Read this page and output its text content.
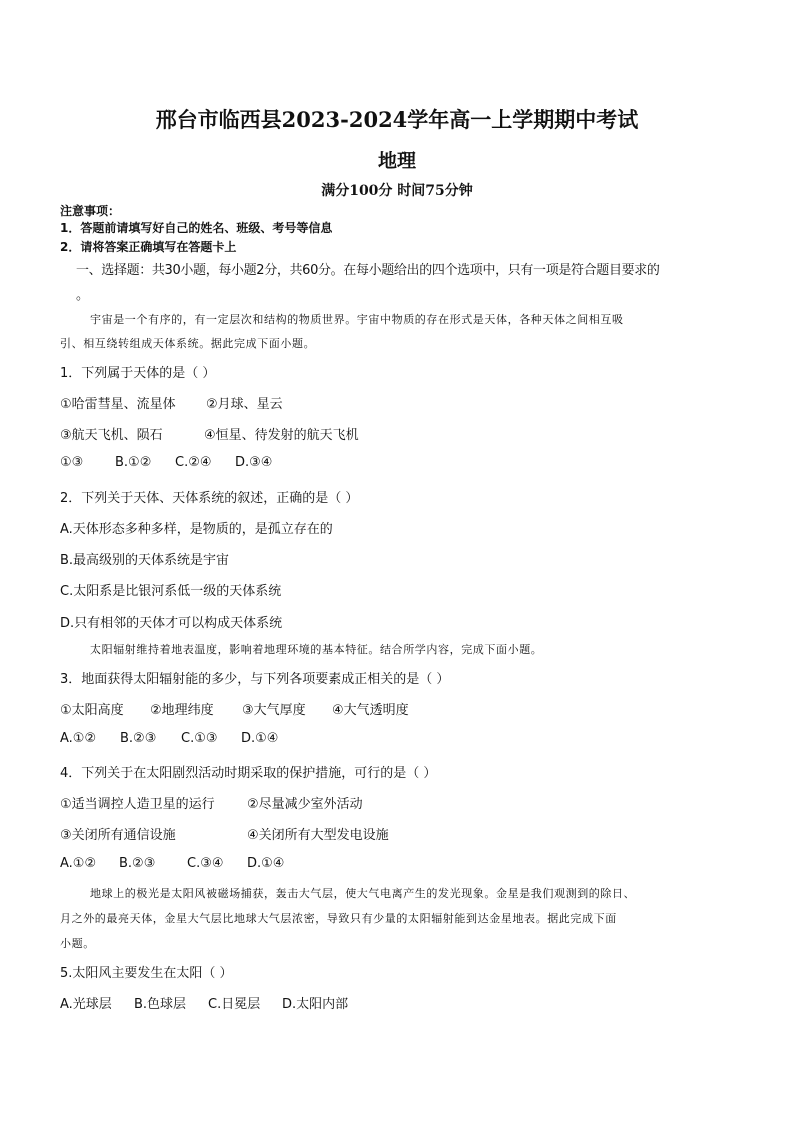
邢台市临西县2023-2024学年高一上学期期中考试
地理
满分100分 时间75分钟
注意事项：
1．答题前请填写好自己的姓名、班级、考号等信息
2．请将答案正确填写在答题卡上
一、选择题：共30小题，每小题2分，共60分。在每小题给出的四个选项中，只有一项是符合题目要求的
。
宇宙是一个有序的，有一定层次和结构的物质世界。宇宙中物质的存在形式是天体，各种天体之间相互吸
引、相互绕转组成天体系统。据此完成下面小题。
1．下列属于天体的是（ ）
①哈雷彗星、流星体 ②月球、星云
③航天飞机、陨石	④恒星、待发射的航天飞机
①③ B.①② C.②④ D.③④
2．下列关于天体、天体系统的叙述，正确的是（ ）
A.天体形态多种多样，是物质的，是孤立存在的
B.最高级别的天体系统是宇宙
C.太阳系是比银河系低一级的天体系统
D.只有相邻的天体才可以构成天体系统
太阳辐射维持着地表温度，影响着地理环境的基本特征。结合所学内容，完成下面小题。
3．地面获得太阳辐射能的多少，与下列各项要素成正相关的是（ ）
①太阳高度 ②地理纬度 ③大气厚度 ④大气透明度
A.①② B.②③ C.①③ D.①④
4．下列关于在太阳剧烈活动时期采取的保护措施，可行的是（ ）
①适当调控人造卫星的运行 ②尽量减少室外活动
③关闭所有通信设施	④关闭所有大型发电设施
A.①② B.②③ C.③④ D.①④
地球上的极光是太阳风被磁场捕获，轰击大气层，使大气电离产生的发光现象。金星是我们观测到的除日、
月之外的最亮天体，金星大气层比地球大气层浓密，导致只有少量的太阳辐射能到达金星地表。据此完成下面
小题。
5.太阳风主要发生在太阳（ ）
A.光球层 B.色球层 C.日冕层 D.太阳内部
